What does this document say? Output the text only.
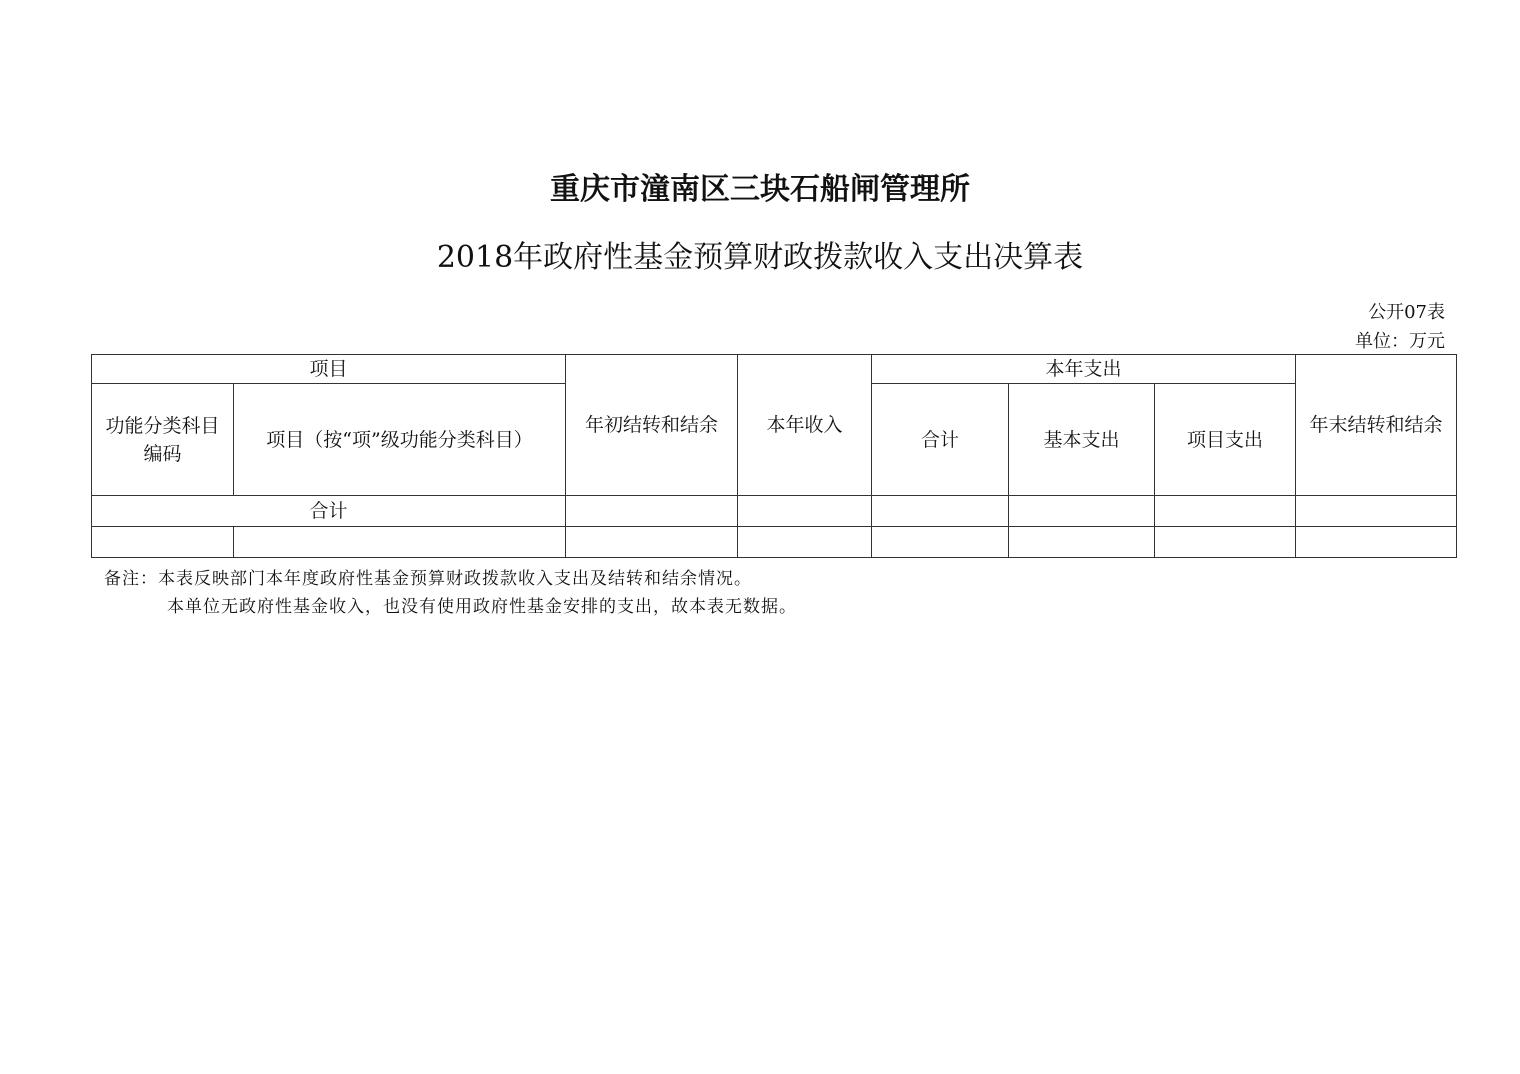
重庆市潼南区三块石船闸管理所
2018年政府性基金预算财政拨款收入支出决算表
公开07表
单位：万元
项目		年初结转和结余	本年收入	本年支出			年末结转和结余
功能分类科目编码	项目（按“项”级功能分类科目）			合计	基本支出	项目支出	
合计							

备注：本表反映部门本年度政府性基金预算财政拨款收入支出及结转和结余情况。
本单位无政府性基金收入，也没有使用政府性基金安排的支出，故本表无数据。
